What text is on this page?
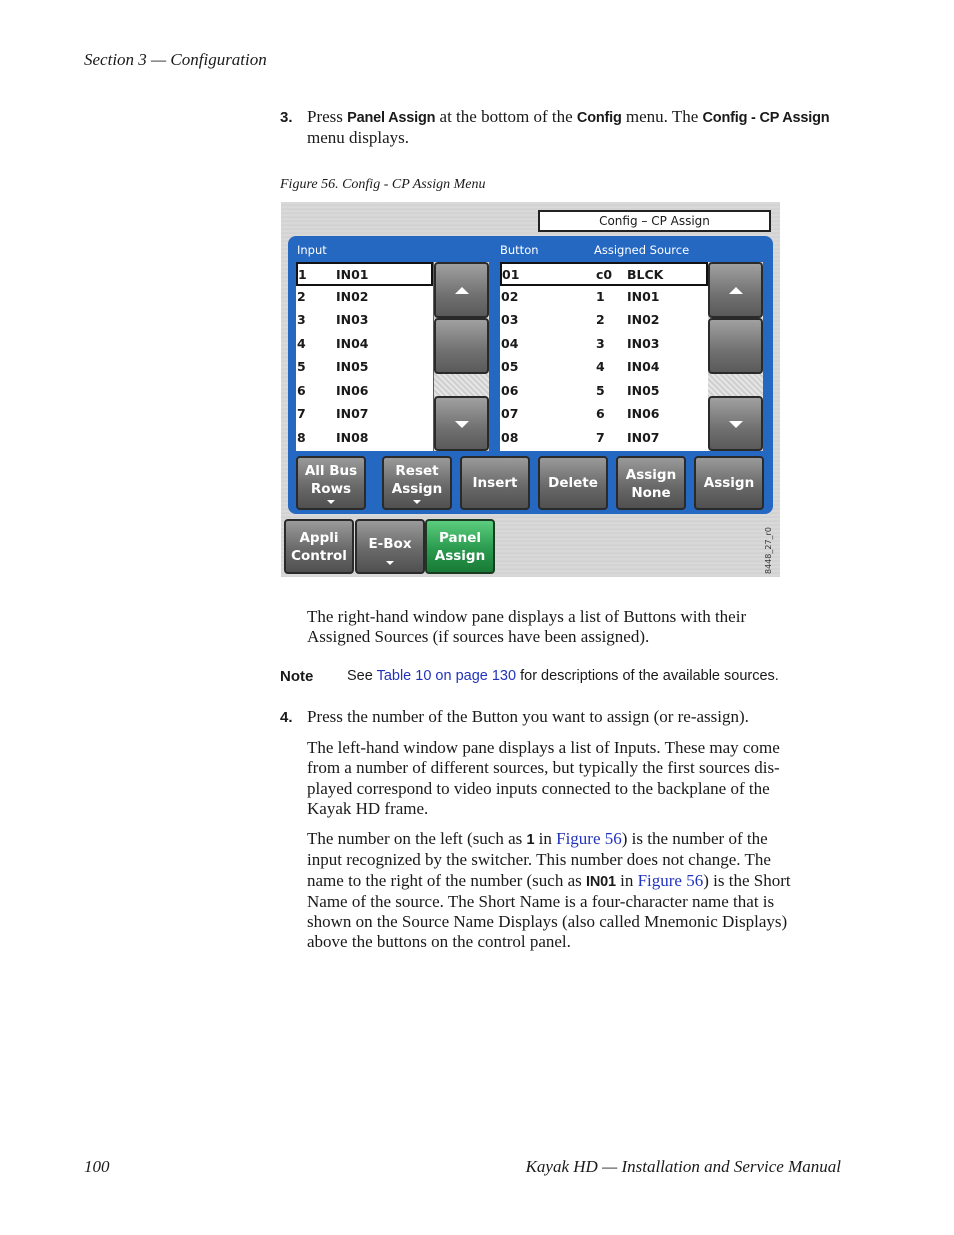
Section 3 — Configuration
3. Press Panel Assign at the bottom of the Config menu. The Config - CP Assign
menu displays.
Figure 56. Config - CP Assign Menu
Config – CP Assign
Input	Button	Assigned Source
1 IN01
2 IN02
3 IN03
4 IN04
5 IN05
6 IN06
7 IN07
8 IN08
01	c0 BLCK
02	1 IN01
03	2 IN02
04	3 IN03
05	4 IN04
06	5 IN05
07	6 IN06
08	7 IN07
All Bus
Rows
Reset
Assign	Insert	Delete	Assign
None
Assign
Appli
Control
E-Box	Panel
Assign	8448_27_r0
The right-hand window pane displays a list of Buttons with their
Assigned Sources (if sources have been assigned).
Note See Table 10 on page 130 for descriptions of the available sources.
4. Press the number of the Button you want to assign (or re-assign).
The left-hand window pane displays a list of Inputs. These may come
from a number of different sources, but typically the first sources dis-
played correspond to video inputs connected to the backplane of the
Kayak HD frame.
The number on the left (such as 1 in Figure 56) is the number of the
input recognized by the switcher. This number does not change. The
name to the right of the number (such as IN01 in Figure 56) is the Short
Name of the source. The Short Name is a four-character name that is
shown on the Source Name Displays (also called Mnemonic Displays)
above the buttons on the control panel.
100	Kayak HD — Installation and Service Manual
